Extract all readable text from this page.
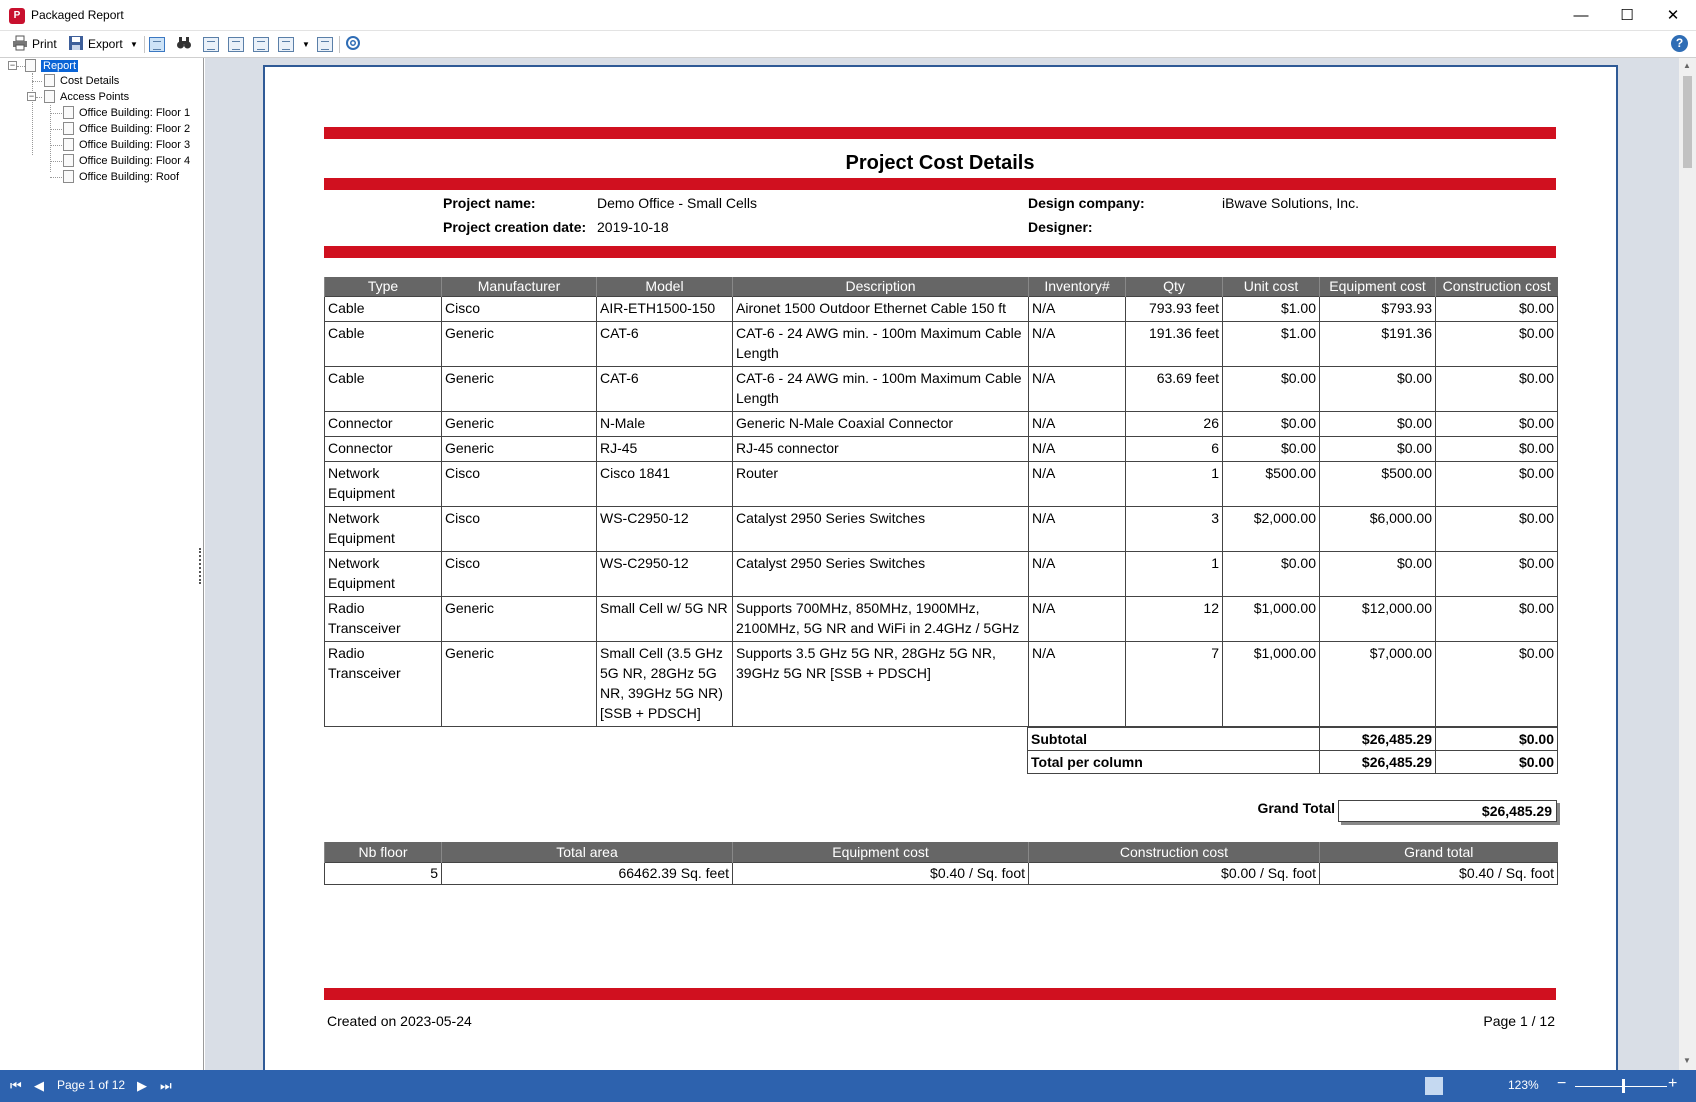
P Packaged Report	—	☐	✕
Print	Export ▼	▼	?
−	Report
Cost Details
−	Access Points
Office Building: Floor 1
Office Building: Floor 2
Office Building: Floor 3
Office Building: Floor 4
Office Building: Roof
Project Cost Details
Project name:	Demo Office - Small Cells
Project creation date: 2019-10-18
Design company:	iBwave Solutions, Inc.
Designer:
Type	Manufacturer	Model	Description	Inventory#	Qty	Unit cost	Equipment cost	Construction cost
Cable	Cisco	AIR-ETH1500-150	Aironet 1500 Outdoor Ethernet Cable 150 ft	N/A	793.93 feet	$1.00	$793.93	$0.00
Cable	Generic	CAT-6	CAT-6 - 24 AWG min. - 100m Maximum Cable Length	N/A	191.36 feet	$1.00	$191.36	$0.00
Cable	Generic	CAT-6	CAT-6 - 24 AWG min. - 100m Maximum Cable Length	N/A	63.69 feet	$0.00	$0.00	$0.00
Connector	Generic	N-Male	Generic N-Male Coaxial Connector	N/A	26	$0.00	$0.00	$0.00
Connector	Generic	RJ-45	RJ-45 connector	N/A	6	$0.00	$0.00	$0.00
Network Equipment	Cisco	Cisco 1841	Router	N/A	1	$500.00	$500.00	$0.00
Network Equipment	Cisco	WS-C2950-12	Catalyst 2950 Series Switches	N/A	3	$2,000.00	$6,000.00	$0.00
Network Equipment	Cisco	WS-C2950-12	Catalyst 2950 Series Switches	N/A	1	$0.00	$0.00	$0.00
Radio Transceiver	Generic	Small Cell w/ 5G NR	Supports 700MHz, 850MHz, 1900MHz, 2100MHz, 5G NR and WiFi in 2.4GHz / 5GHz	N/A	12	$1,000.00	$12,000.00	$0.00
Radio Transceiver	Generic	Small Cell (3.5 GHz 5G NR, 28GHz 5G NR, 39GHz 5G NR) [SSB + PDSCH]	Supports 3.5 GHz 5G NR, 28GHz 5G NR, 39GHz 5G NR [SSB + PDSCH]	N/A	7	$1,000.00	$7,000.00	$0.00
Subtotal	$26,485.29	$0.00
Total per column	$26,485.29	$0.00
Grand Total	$26,485.29
Nb floor	Total area	Equipment cost	Construction cost	Grand total
5	66462.39 Sq. feet	$0.40 / Sq. foot	$0.00 / Sq. foot	$0.40 / Sq. foot
Created on 2023-05-24	Page 1 / 12
▲
▼
⏮ ◀ Page 1 of 12 ▶ ⏭	123% −	+
